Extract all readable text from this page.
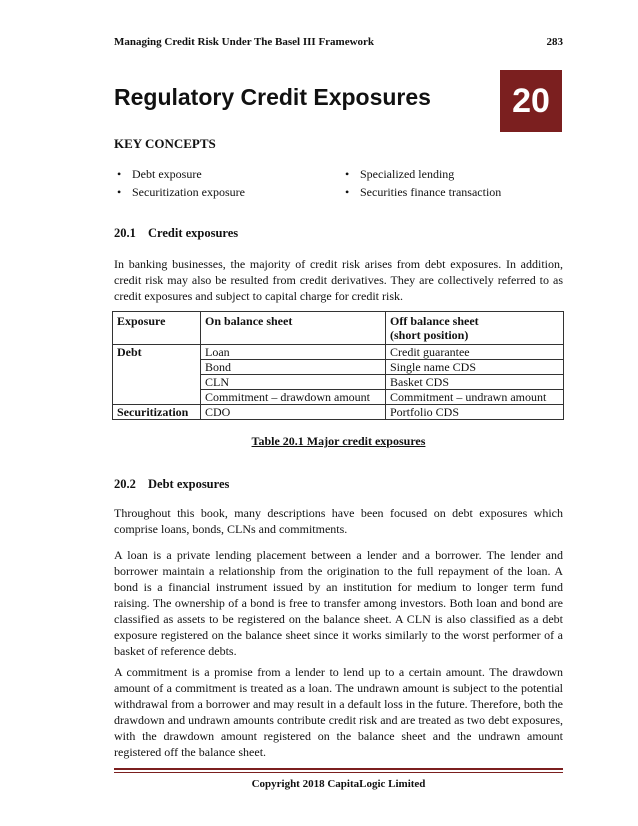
Managing Credit Risk Under The Basel III Framework	283
Regulatory Credit Exposures	20
KEY CONCEPTS
• Debt exposure
• Securitization exposure
• Specialized lending
• Securities finance transaction
20.1 Credit exposures
In banking businesses, the majority of credit risk arises from debt exposures. In addition, credit risk may also be resulted from credit derivatives. They are collectively referred to as credit exposures and subject to capital charge for credit risk.
Exposure	On balance sheet	Off balance sheet
(short position)

Debt	Loan	Credit guarantee
	Bond	Single name CDS
	CLN	Basket CDS
	Commitment – drawdown amount	Commitment – undrawn amount
Securitization	CDO	Portfolio CDS
Table 20.1 Major credit exposures
20.2 Debt exposures
Throughout this book, many descriptions have been focused on debt exposures which comprise loans, bonds, CLNs and commitments.
A loan is a private lending placement between a lender and a borrower. The lender and borrower maintain a relationship from the origination to the full repayment of the loan. A bond is a financial instrument issued by an institution for medium to longer term fund raising. The ownership of a bond is free to transfer among investors. Both loan and bond are classified as assets to be registered on the balance sheet. A CLN is also classified as a debt exposure registered on the balance sheet since it works similarly to the worst performer of a basket of reference debts.
A commitment is a promise from a lender to lend up to a certain amount. The drawdown amount of a commitment is treated as a loan. The undrawn amount is subject to the potential withdrawal from a borrower and may result in a default loss in the future. Therefore, both the drawdown and undrawn amounts contribute credit risk and are treated as two debt exposures, with the drawdown amount registered on the balance sheet and the undrawn amount registered off the balance sheet.
Copyright 2018 CapitaLogic Limited
